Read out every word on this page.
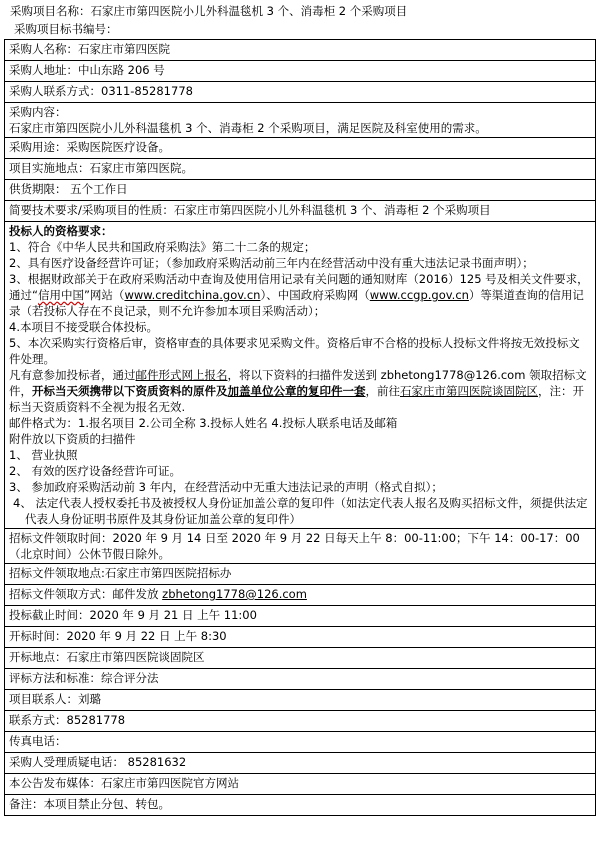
采购项目名称：石家庄市第四医院小儿外科温毯机 3 个、消毒柜 2 个采购项目
采购项目标书编号：
采购人名称：石家庄市第四医院
采购人地址：中山东路 206 号
采购人联系方式：0311-85281778

采购内容：
石家庄市第四医院小儿外科温毯机 3 个、消毒柜 2 个采购项目，满足医院及科室使用的需求。

采购用途：采购医院医疗设备。
项目实施地点：石家庄市第四医院。
供货期限： 五个工作日
简要技术要求/采购项目的性质：石家庄市第四医院小儿外科温毯机 3 个、消毒柜 2 个采购项目

投标人的资格要求：
1、符合《中华人民共和国政府采购法》第二十二条的规定；
2、具有医疗设备经营许可证；（参加政府采购活动前三年内在经营活动中没有重大违法记录书面声明）；
3、根据财政部关于在政府采购活动中查询及使用信用记录有关问题的通知财库（2016）125 号及相关文件要求，通过“信用中国”网站（www.creditchina.gov.cn）、中国政府采购网（www.ccgp.gov.cn）等渠道查询的信用记录（若投标人存在不良记录，则不允许参加本项目采购活动）；
4.本项目不接受联合体投标。
5、本次采购实行资格后审，资格审查的具体要求见采购文件。资格后审不合格的投标人投标文件将按无效投标文件处理。
凡有意参加投标者，通过邮件形式网上报名，将以下资料的扫描件发送到 zbhetong1778@126.com 领取招标文件，开标当天须携带以下资质资料的原件及加盖单位公章的复印件一套，前往石家庄市第四医院谈固院区，注：开标当天资质资料不全视为报名无效.
邮件格式为：1.报名项目 2.公司全称 3.投标人姓名 4.投标人联系电话及邮箱
附件放以下资质的扫描件
1、 营业执照
2、 有效的医疗设备经营许可证。
3、 参加政府采购活动前 3 年内，在经营活动中无重大违法记录的声明（格式自拟）；
4、 法定代表人授权委托书及被授权人身份证加盖公章的复印件（如法定代表人报名及购买招标文件，须提供法定代表人身份证明书原件及其身份证加盖公章的复印件）

招标文件领取时间：2020 年 9 月 14 日至 2020 年 9 月 22 日每天上午 8：00-11:00；下午 14：00-17：00（北京时间）公休节假日除外。
招标文件领取地点:石家庄市第四医院招标办
招标文件领取方式：邮件发放 zbhetong1778@126.com
投标截止时间：2020 年 9 月 21 日 上午 11:00
开标时间：2020 年 9 月 22 日 上午 8:30
开标地点：石家庄市第四医院谈固院区
评标方法和标准：综合评分法
项目联系人：刘璐
联系方式：85281778
传真电话：
采购人受理质疑电话： 85281632
本公告发布媒体：石家庄市第四医院官方网站
备注：本项目禁止分包、转包。
